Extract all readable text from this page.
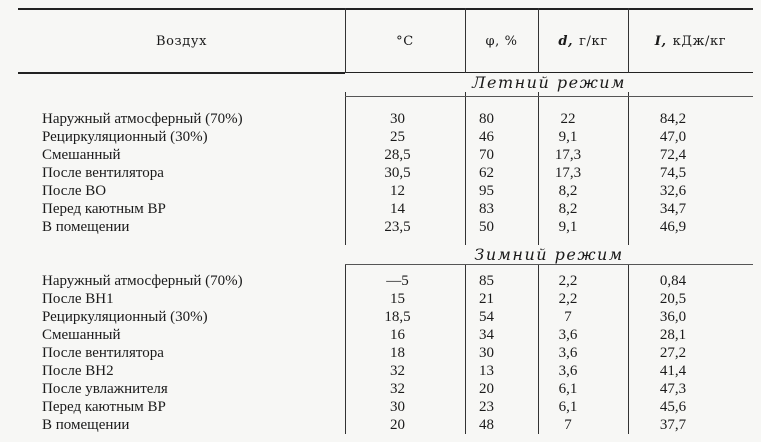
Воздух	°С	φ, %	d, г/кг	I, кДж/кг
Летний режим
Наружный атмосферный (70%)	30	80	22	84,2
Рециркуляционный (30%)	25	46	9,1	47,0
Смешанный	28,5	70	17,3	72,4
После вентилятора	30,5	62	17,3	74,5
После ВО	12	95	8,2	32,6
Перед каютным ВР	14	83	8,2	34,7
В помещении	23,5	50	9,1	46,9
Зимний режим
Наружный атмосферный (70%)	—5	85	2,2	0,84
После ВН1	15	21	2,2	20,5
Рециркуляционный (30%)	18,5	54	7	36,0
Смешанный	16	34	3,6	28,1
После вентилятора	18	30	3,6	27,2
После ВН2	32	13	3,6	41,4
После увлажнителя	32	20	6,1	47,3
Перед каютным ВР	30	23	6,1	45,6
В помещении	20	48	7	37,7
